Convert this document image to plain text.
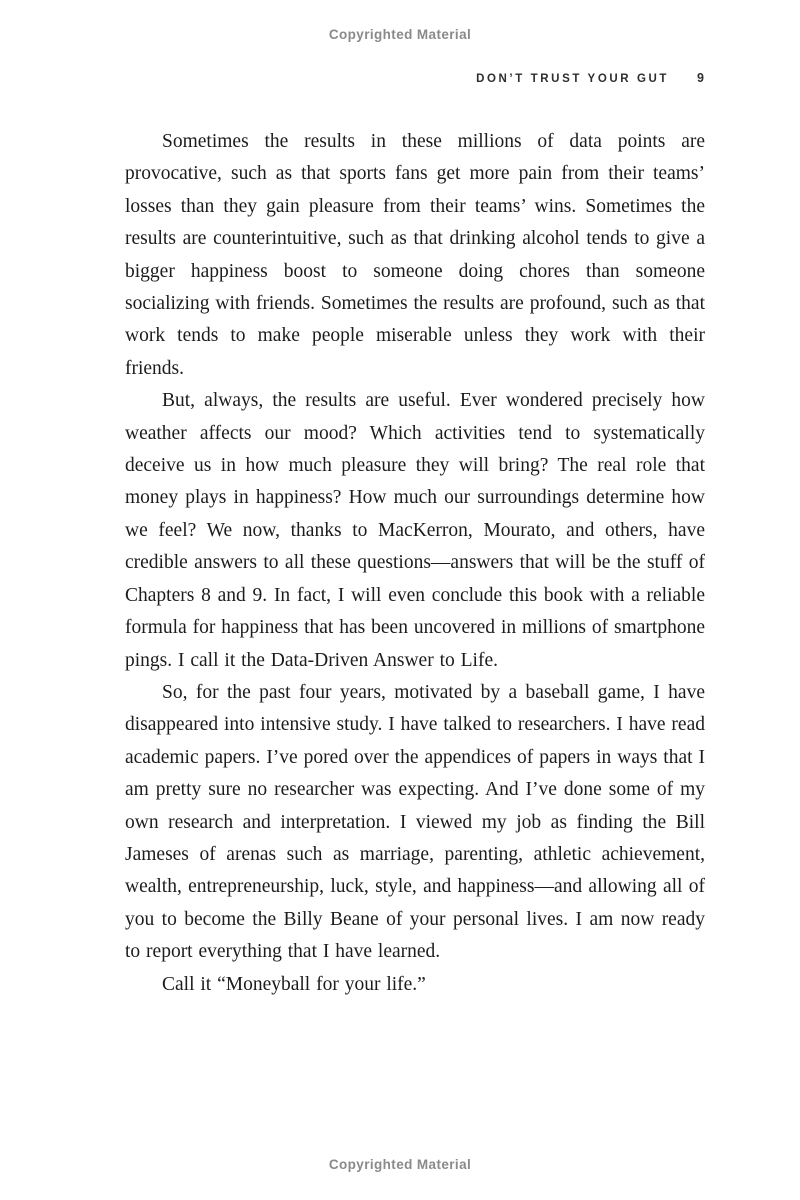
Copyrighted Material
DON’T TRUST YOUR GUT 9

Sometimes the results in these millions of data points are provocative, such as that sports fans get more pain from their teams’ losses than they gain pleasure from their teams’ wins. Sometimes the results are counterintuitive, such as that drinking alcohol tends to give a bigger happiness boost to someone doing chores than someone socializing with friends. Sometimes the results are profound, such as that work tends to make people miserable unless they work with their friends.

But, always, the results are useful. Ever wondered precisely how weather affects our mood? Which activities tend to systematically deceive us in how much pleasure they will bring? The real role that money plays in happiness? How much our surroundings determine how we feel? We now, thanks to MacKerron, Mourato, and others, have credible answers to all these questions—answers that will be the stuff of Chapters 8 and 9. In fact, I will even conclude this book with a reliable formula for happiness that has been uncovered in millions of smartphone pings. I call it the Data-Driven Answer to Life.

So, for the past four years, motivated by a baseball game, I have disappeared into intensive study. I have talked to researchers. I have read academic papers. I’ve pored over the appendices of papers in ways that I am pretty sure no researcher was expecting. And I’ve done some of my own research and interpretation. I viewed my job as finding the Bill Jameses of arenas such as marriage, parenting, athletic achievement, wealth, entrepreneurship, luck, style, and happiness—and allowing all of you to become the Billy Beane of your personal lives. I am now ready to report everything that I have learned.

Call it “Moneyball for your life.”

Copyrighted Material
